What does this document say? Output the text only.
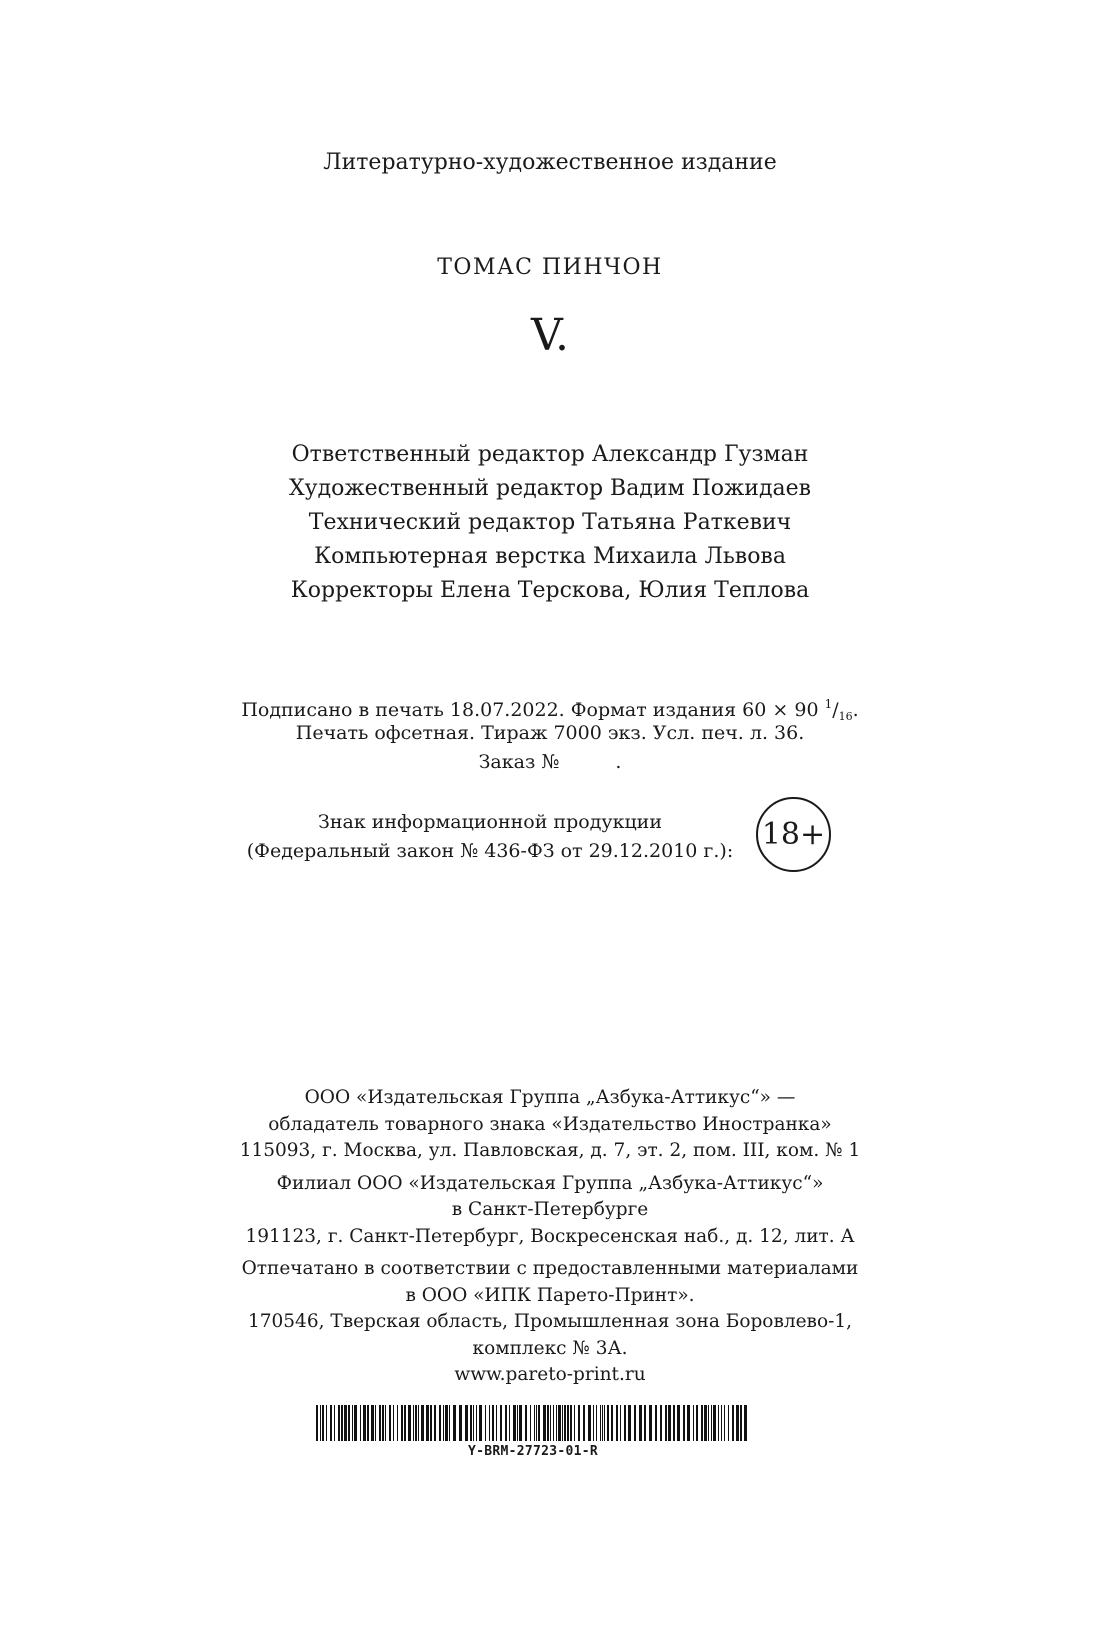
Литературно-художественное издание
ТОМАС ПИНЧОН
V.
Ответственный редактор Александр Гузман
Художественный редактор Вадим Пожидаев
Технический редактор Татьяна Раткевич
Компьютерная верстка Михаила Львова
Корректоры Елена Терскова, Юлия Теплова
Подписано в печать 18.07.2022. Формат издания 60 × 90 $^1/_{16}$.
Печать офсетная. Тираж 7000 экз. Усл. печ. л. 36.
Заказ №	.
Знак информационной продукции
(Федеральный закон № 436-ФЗ от 29.12.2010 г.): 18+
ООО «Издательская Группа „Азбука-Аттикус“» —
обладатель товарного знака «Издательство Иностранка»
115093, г. Москва, ул. Павловская, д. 7, эт. 2, пом. III, ком. № 1
Филиал ООО «Издательская Группа „Азбука-Аттикус“»
в Санкт-Петербурге
191123, г. Санкт-Петербург, Воскресенская наб., д. 12, лит. А
Отпечатано в соответствии с предоставленными материалами
в ООО «ИПК Парето-Принт».
170546, Тверская область, Промышленная зона Боровлево-1,
комплекс № 3А.
www.pareto-print.ru
Y-BRM-27723-01-R
